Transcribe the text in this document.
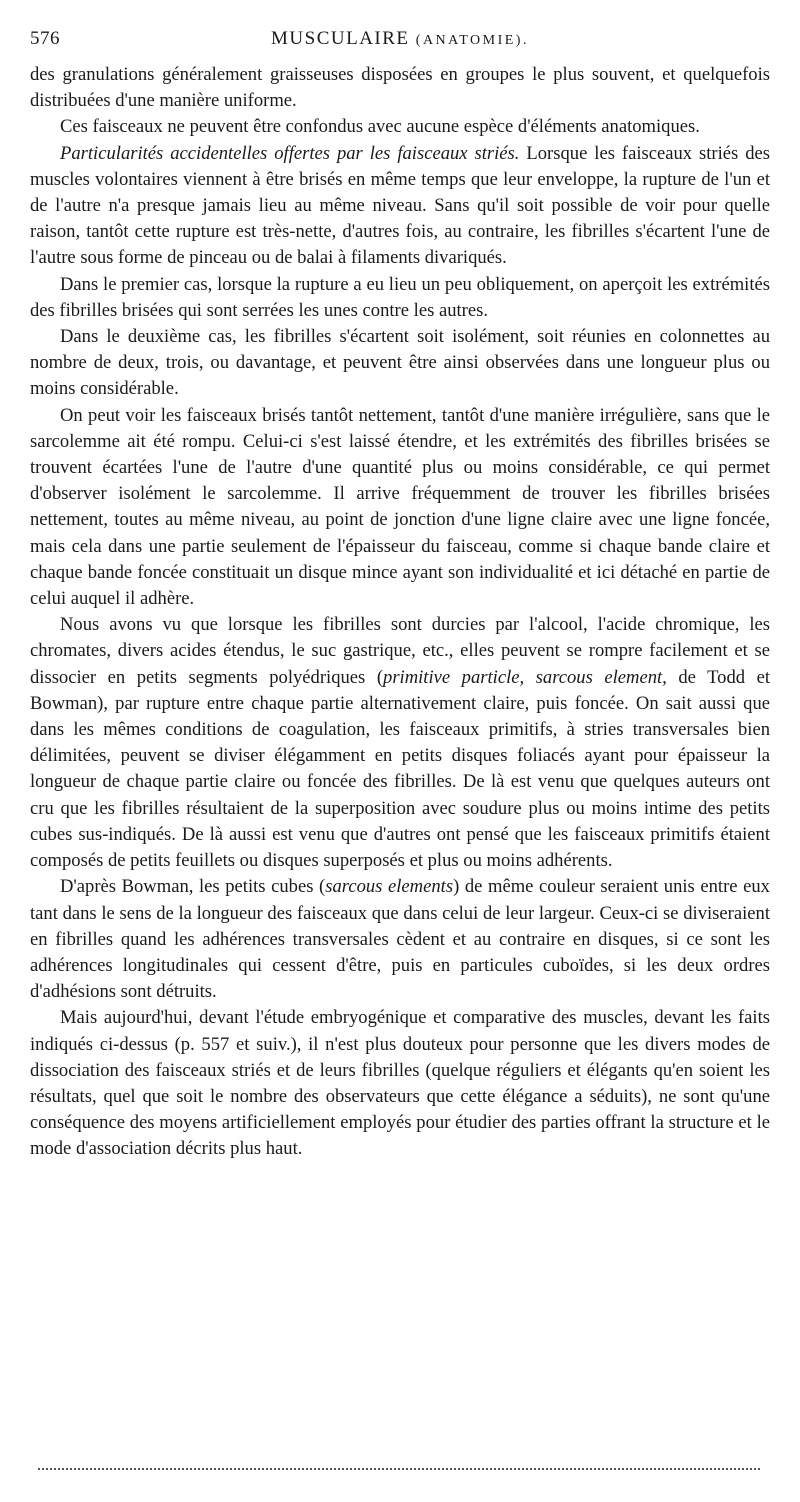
576	MUSCULAIRE (ANATOMIE).

des granulations généralement graisseuses disposées en groupes le plus souvent, et quelquefois distribuées d'une manière uniforme.

Ces faisceaux ne peuvent être confondus avec aucune espèce d'éléments anatomiques.

Particularités accidentelles offertes par les faisceaux striés. Lorsque les faisceaux striés des muscles volontaires viennent à être brisés en même temps que leur enveloppe, la rupture de l'un et de l'autre n'a presque jamais lieu au même niveau. Sans qu'il soit possible de voir pour quelle raison, tantôt cette rupture est très-nette, d'autres fois, au contraire, les fibrilles s'écartent l'une de l'autre sous forme de pinceau ou de balai à filaments divariqués.

Dans le premier cas, lorsque la rupture a eu lieu un peu obliquement, on aperçoit les extrémités des fibrilles brisées qui sont serrées les unes contre les autres.

Dans le deuxième cas, les fibrilles s'écartent soit isolément, soit réunies en colonnettes au nombre de deux, trois, ou davantage, et peuvent être ainsi observées dans une longueur plus ou moins considérable.

On peut voir les faisceaux brisés tantôt nettement, tantôt d'une manière irrégulière, sans que le sarcolemme ait été rompu. Celui-ci s'est laissé étendre, et les extrémités des fibrilles brisées se trouvent écartées l'une de l'autre d'une quantité plus ou moins considérable, ce qui permet d'observer isolément le sarcolemme. Il arrive fréquemment de trouver les fibrilles brisées nettement, toutes au même niveau, au point de jonction d'une ligne claire avec une ligne foncée, mais cela dans une partie seulement de l'épaisseur du faisceau, comme si chaque bande claire et chaque bande foncée constituait un disque mince ayant son individualité et ici détaché en partie de celui auquel il adhère.

Nous avons vu que lorsque les fibrilles sont durcies par l'alcool, l'acide chromique, les chromates, divers acides étendus, le suc gastrique, etc., elles peuvent se rompre facilement et se dissocier en petits segments polyédriques (primitive particle, sarcous element, de Todd et Bowman), par rupture entre chaque partie alternativement claire, puis foncée. On sait aussi que dans les mêmes conditions de coagulation, les faisceaux primitifs, à stries transversales bien délimitées, peuvent se diviser élégamment en petits disques foliacés ayant pour épaisseur la longueur de chaque partie claire ou foncée des fibrilles. De là est venu que quelques auteurs ont cru que les fibrilles résultaient de la superposition avec soudure plus ou moins intime des petits cubes sus-indiqués. De là aussi est venu que d'autres ont pensé que les faisceaux primitifs étaient composés de petits feuillets ou disques superposés et plus ou moins adhérents.

D'après Bowman, les petits cubes (sarcous elements) de même couleur seraient unis entre eux tant dans le sens de la longueur des faisceaux que dans celui de leur largeur. Ceux-ci se diviseraient en fibrilles quand les adhérences transversales cèdent et au contraire en disques, si ce sont les adhérences longitudinales qui cessent d'être, puis en particules cuboïdes, si les deux ordres d'adhésions sont détruits.

Mais aujourd'hui, devant l'étude embryogénique et comparative des muscles, devant les faits indiqués ci-dessus (p. 557 et suiv.), il n'est plus douteux pour personne que les divers modes de dissociation des faisceaux striés et de leurs fibrilles (quelque réguliers et élégants qu'en soient les résultats, quel que soit le nombre des observateurs que cette élégance a séduits), ne sont qu'une conséquence des moyens artificiellement employés pour étudier des parties offrant la structure et le mode d'association décrits plus haut.
